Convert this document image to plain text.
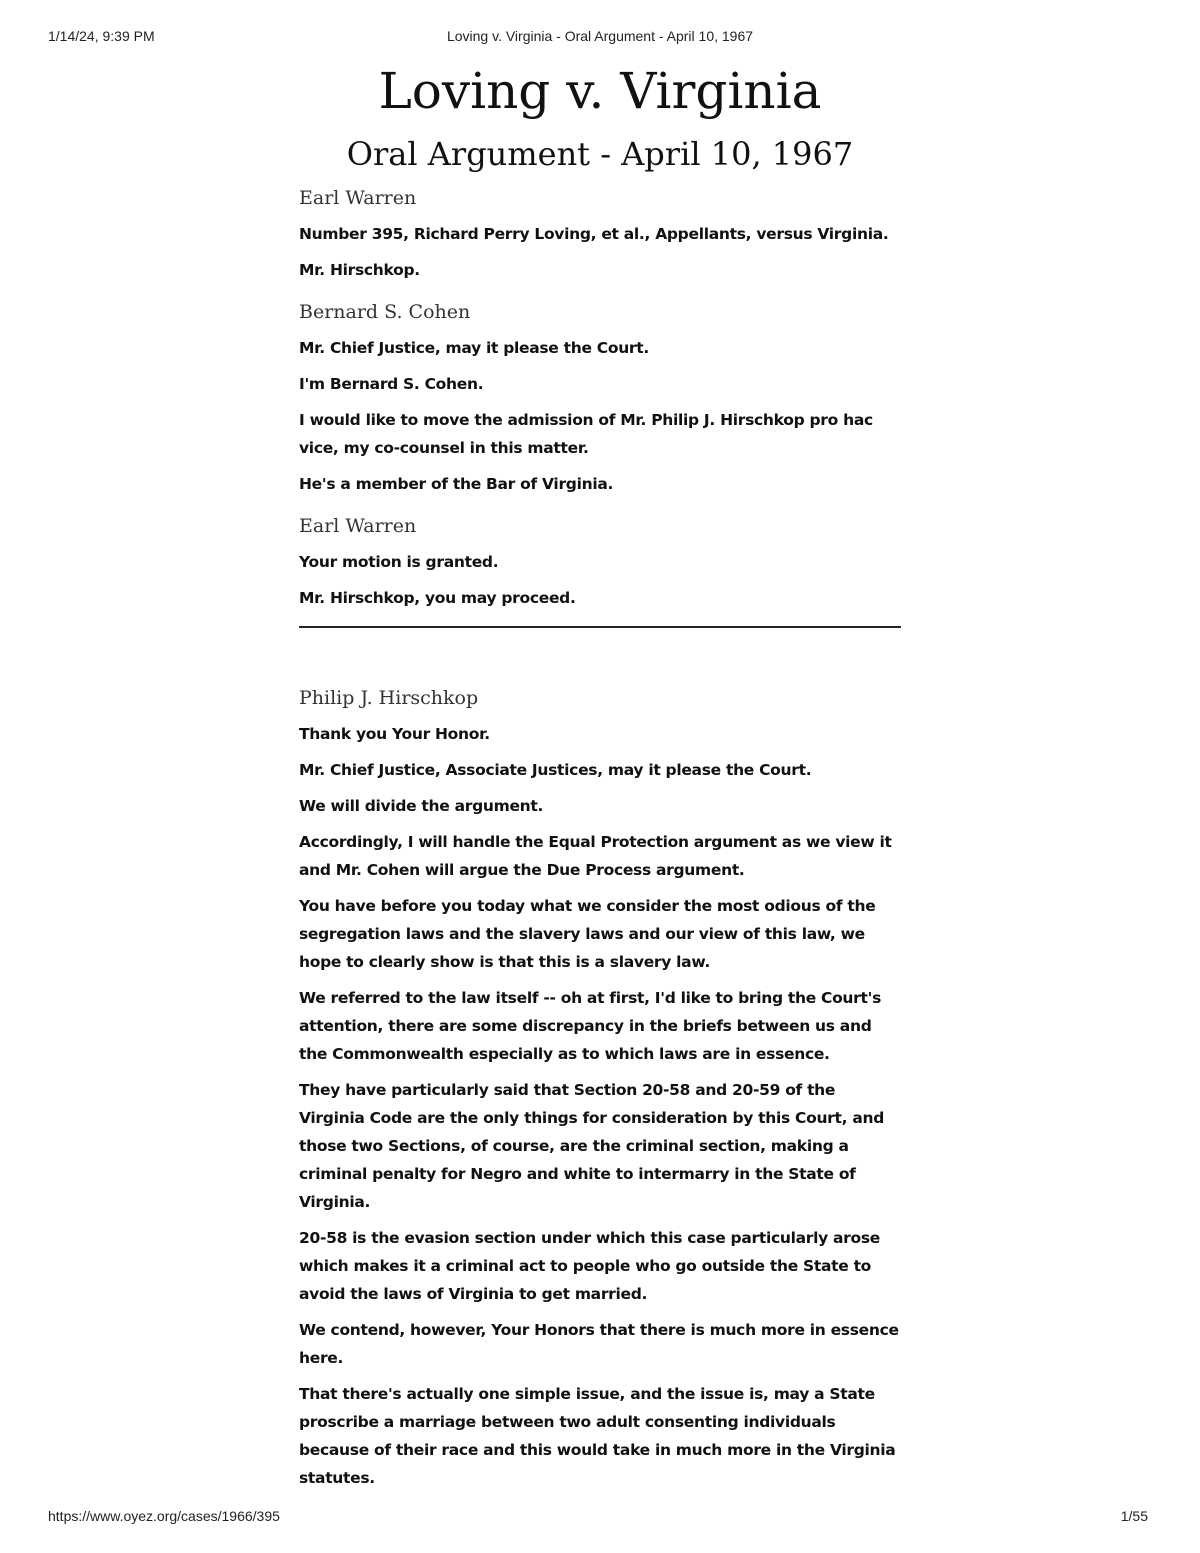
1/14/24, 9:39 PM	Loving v. Virginia - Oral Argument - April 10, 1967
Loving v. Virginia
Oral Argument - April 10, 1967
Earl Warren

Number 395, Richard Perry Loving, et al., Appellants, versus Virginia.

Mr. Hirschkop.

Bernard S. Cohen

Mr. Chief Justice, may it please the Court.

I'm Bernard S. Cohen.

I would like to move the admission of Mr. Philip J. Hirschkop pro hac vice, my co-counsel in this matter.

He's a member of the Bar of Virginia.

Earl Warren

Your motion is granted.

Mr. Hirschkop, you may proceed.

Philip J. Hirschkop

Thank you Your Honor.

Mr. Chief Justice, Associate Justices, may it please the Court.

We will divide the argument.

Accordingly, I will handle the Equal Protection argument as we view it and Mr. Cohen will argue the Due Process argument.

You have before you today what we consider the most odious of the segregation laws and the slavery laws and our view of this law, we hope to clearly show is that this is a slavery law.

We referred to the law itself -- oh at first, I'd like to bring the Court's attention, there are some discrepancy in the briefs between us and the Commonwealth especially as to which laws are in essence.

They have particularly said that Section 20-58 and 20-59 of the Virginia Code are the only things for consideration by this Court, and those two Sections, of course, are the criminal section, making a criminal penalty for Negro and white to intermarry in the State of Virginia.

20-58 is the evasion section under which this case particularly arose which makes it a criminal act to people who go outside the State to avoid the laws of Virginia to get married.

We contend, however, Your Honors that there is much more in essence here.

That there's actually one simple issue, and the issue is, may a State proscribe a marriage between two adult consenting individuals because of their race and this would take in much more in the Virginia statutes.

https://www.oyez.org/cases/1966/395	1/55
